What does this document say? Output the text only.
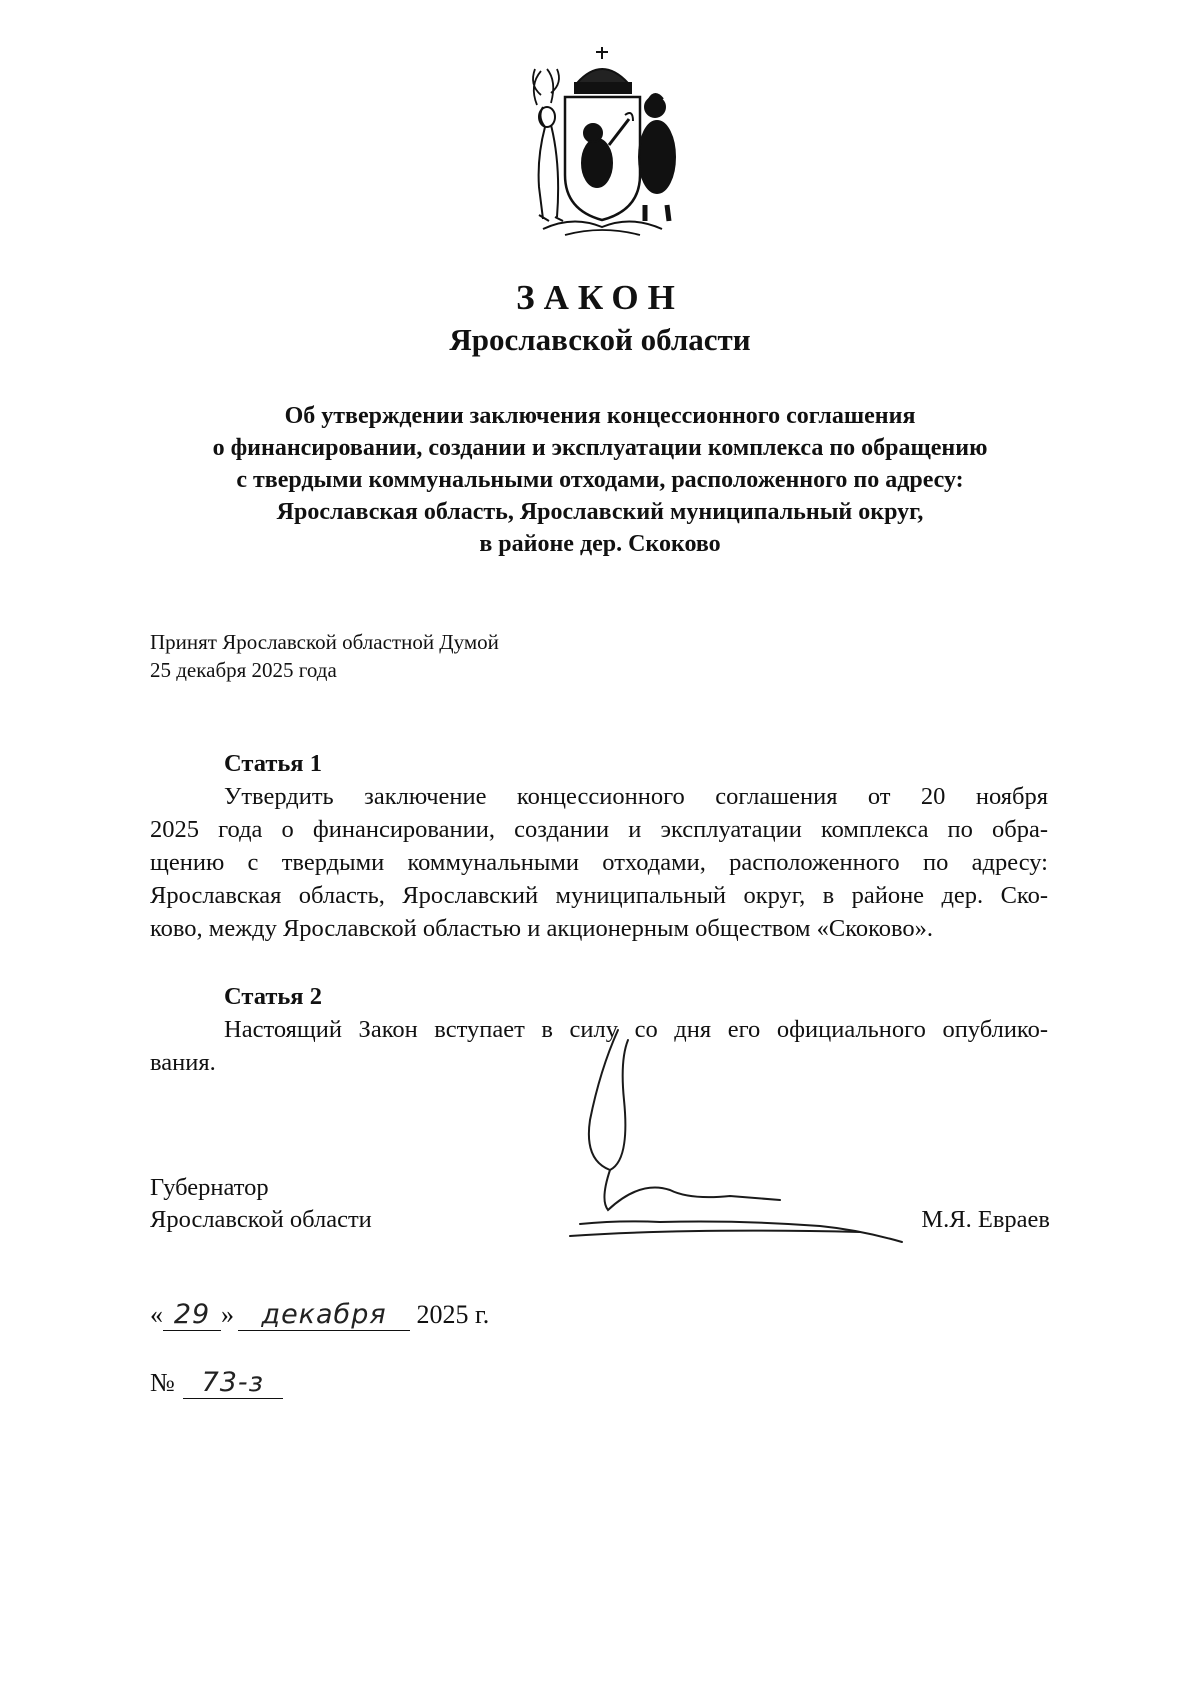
ЗАКОН
Ярославской области
Об утверждении заключения концессионного соглашения
о финансировании, создании и эксплуатации комплекса по обращению
с твердыми коммунальными отходами, расположенного по адресу:
Ярославская область, Ярославский муниципальный округ,
в районе дер. Скоково
Принят Ярославской областной Думой
25 декабря 2025 года
Статья 1
Утвердить заключение концессионного соглашения от 20 ноября
2025 года о финансировании, создании и эксплуатации комплекса по обра-
щению с твердыми коммунальными отходами, расположенного по адресу:
Ярославская область, Ярославский муниципальный округ, в районе дер. Ско-
ково, между Ярославской областью и акционерным обществом «Скоково».
Статья 2
Настоящий Закон вступает в силу со дня его официального опублико-
вания.
Губернатор
Ярославской области	М.Я. Евраев
« 29 » декабря 2025 г.
№ 73-з
